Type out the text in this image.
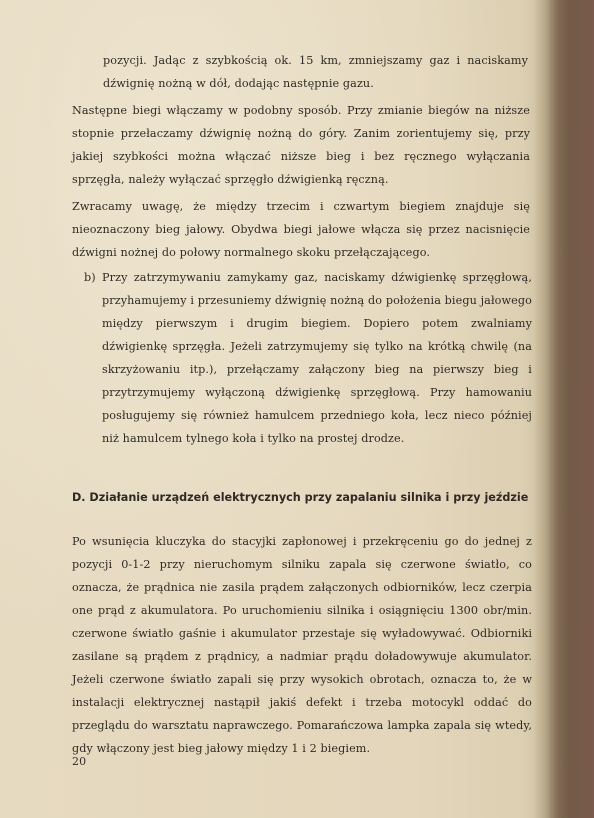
pozycji. Jadąc z szybkością ok. 15 km, zmniejszamy gaz i naciskamy dźwignię nożną w dół, dodając następnie gazu.

Następne biegi włączamy w podobny sposób. Przy zmianie biegów na niższe stopnie przełaczamy dźwignię nożną do góry. Zanim zorientujemy się, przy jakiej szybkości można włączać niższe bieg i bez ręcznego wyłączania sprzęgła, należy wyłączać sprzęgło dźwigienką ręczną.

Zwracamy uwagę, że między trzecim i czwartym biegiem znajduje się nieoznaczony bieg jałowy. Obydwa biegi jałowe włącza się przez nacisnięcie dźwigni nożnej do połowy normalnego skoku przełączającego.

b) Przy zatrzymywaniu zamykamy gaz, naciskamy dźwigienkę sprzęgłową, przyhamujemy i przesuniemy dźwignię nożną do położenia biegu jałowego między pierwszym i drugim biegiem. Dopiero potem zwalniamy dźwigienkę sprzęgła. Jeżeli zatrzymujemy się tylko na krótką chwilę (na skrzyżowaniu itp.), przełączamy załączony bieg na pierwszy bieg i przytrzymujemy wyłączoną dźwigienkę sprzęgłową. Przy hamowaniu posługujemy się również hamulcem przedniego koła, lecz nieco później niż hamulcem tylnego koła i tylko na prostej drodze.

Po wsunięcia kluczyka do stacyjki zapłonowej i przekręceniu go do jednej z pozycji 0-1-2 przy nieruchomym silniku zapala się czerwone światło, co oznacza, że prądnica nie zasila prądem załączonych odbiorników, lecz czerpia one prąd z akumulatora. Po uruchomieniu silnika i osiągnięciu 1300 obr/min. czerwone światło gaśnie i akumulator przestaje się wyładowywać. Odbiorniki zasilane są prądem z prądnicy, a nadmiar prądu doładowywuje akumulator. Jeżeli czerwone światło zapali się przy wysokich obrotach, oznacza to, że w instalacji elektrycznej nastąpił jakiś defekt i trzeba motocykl oddać do przeglądu do warsztatu naprawczego. Pomarańczowa lampka zapala się wtedy, gdy włączony jest bieg jałowy między 1 i 2 biegiem.

20
D. Działanie urządzeń elektrycznych przy zapalaniu silnika i przy jeździe
